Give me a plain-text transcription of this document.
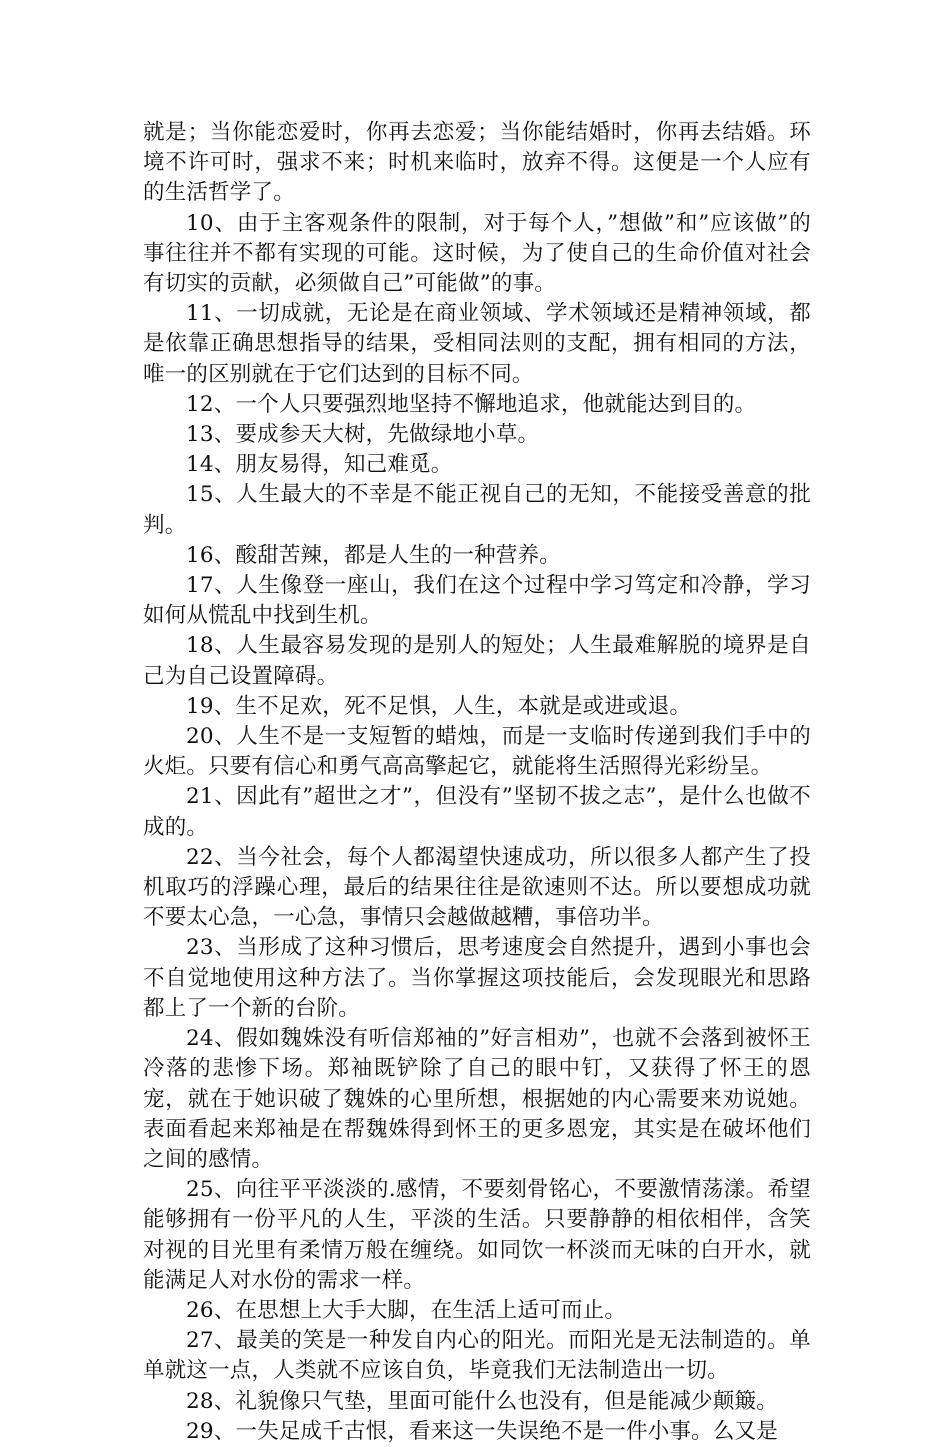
就是；当你能恋爱时，你再去恋爱；当你能结婚时，你再去结婚。环境不许可时，强求不来；时机来临时，放弃不得。这便是一个人应有的生活哲学了。

10、由于主客观条件的限制，对于每个人，”想做”和”应该做”的事往往并不都有实现的可能。这时候，为了使自己的生命价值对社会有切实的贡献，必须做自己”可能做”的事。

11、一切成就，无论是在商业领域、学术领域还是精神领域，都是依靠正确思想指导的结果，受相同法则的支配，拥有相同的方法，唯一的区别就在于它们达到的目标不同。

12、一个人只要强烈地坚持不懈地追求，他就能达到目的。

13、要成参天大树，先做绿地小草。

14、朋友易得，知己难觅。

15、人生最大的不幸是不能正视自己的无知，不能接受善意的批判。

16、酸甜苦辣，都是人生的一种营养。

17、人生像登一座山，我们在这个过程中学习笃定和冷静，学习如何从慌乱中找到生机。

18、人生最容易发现的是别人的短处；人生最难解脱的境界是自己为自己设置障碍。

19、生不足欢，死不足惧，人生，本就是或进或退。

20、人生不是一支短暂的蜡烛，而是一支临时传递到我们手中的火炬。只要有信心和勇气高高擎起它，就能将生活照得光彩纷呈。

21、因此有”超世之才”，但没有”坚韧不拔之志”，是什么也做不成的。

22、当今社会，每个人都渴望快速成功，所以很多人都产生了投机取巧的浮躁心理，最后的结果往往是欲速则不达。所以要想成功就不要太心急，一心急，事情只会越做越糟，事倍功半。

23、当形成了这种习惯后，思考速度会自然提升，遇到小事也会不自觉地使用这种方法了。当你掌握这项技能后，会发现眼光和思路都上了一个新的台阶。

24、假如魏姝没有听信郑袖的”好言相劝”，也就不会落到被怀王冷落的悲惨下场。郑袖既铲除了自己的眼中钉，又获得了怀王的恩宠，就在于她识破了魏姝的心里所想，根据她的内心需要来劝说她。表面看起来郑袖是在帮魏姝得到怀王的更多恩宠，其实是在破坏他们之间的感情。

25、向往平平淡淡的.感情，不要刻骨铭心，不要激情荡漾。希望能够拥有一份平凡的人生，平淡的生活。只要静静的相依相伴，含笑对视的目光里有柔情万般在缠绕。如同饮一杯淡而无味的白开水，就能满足人对水份的需求一样。

26、在思想上大手大脚，在生活上适可而止。

27、最美的笑是一种发自内心的阳光。而阳光是无法制造的。单单就这一点，人类就不应该自负，毕竟我们无法制造出一切。

28、礼貌像只气垫，里面可能什么也没有，但是能减少颠簸。

29、一失足成千古恨，看来这一失误绝不是一件小事。么又是
